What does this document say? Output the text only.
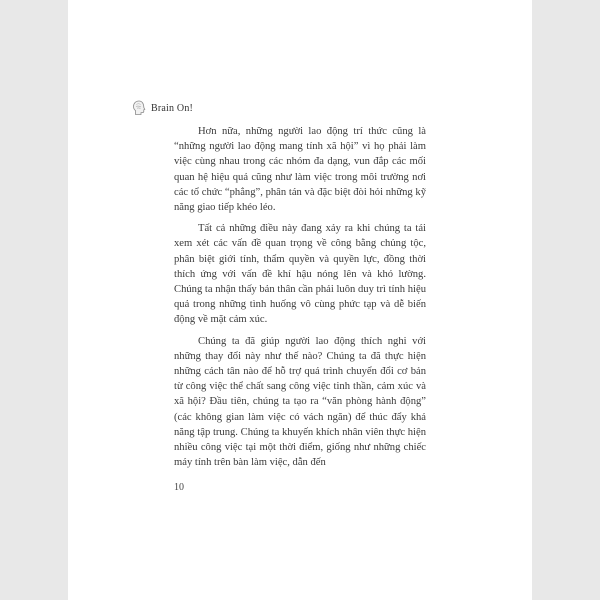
Brain On!

Hơn nữa, những người lao động trí thức cũng là “những người lao động mang tính xã hội” vì họ phải làm việc cùng nhau trong các nhóm đa dạng, vun đắp các mối quan hệ hiệu quả cũng như làm việc trong môi trường nơi các tổ chức “phẳng”, phân tán và đặc biệt đòi hỏi những kỹ năng giao tiếp khéo léo.

Tất cả những điều này đang xảy ra khi chúng ta tái xem xét các vấn đề quan trọng về công bằng chủng tộc, phân biệt giới tính, thẩm quyền và quyền lực, đồng thời thích ứng với vấn đề khí hậu nóng lên và khó lường. Chúng ta nhận thấy bản thân cần phải luôn duy trì tính hiệu quả trong những tình huống vô cùng phức tạp và dễ biến động về mặt cảm xúc.

Chúng ta đã giúp người lao động thích nghi với những thay đổi này như thế nào? Chúng ta đã thực hiện những cách tân nào để hỗ trợ quá trình chuyển đổi cơ bản từ công việc thể chất sang công việc tinh thần, cảm xúc và xã hội? Đầu tiên, chúng ta tạo ra “văn phòng hành động” (các không gian làm việc có vách ngăn) để thúc đẩy khả năng tập trung. Chúng ta khuyến khích nhân viên thực hiện nhiều công việc tại một thời điểm, giống như những chiếc máy tính trên bàn làm việc, dẫn đến

10
